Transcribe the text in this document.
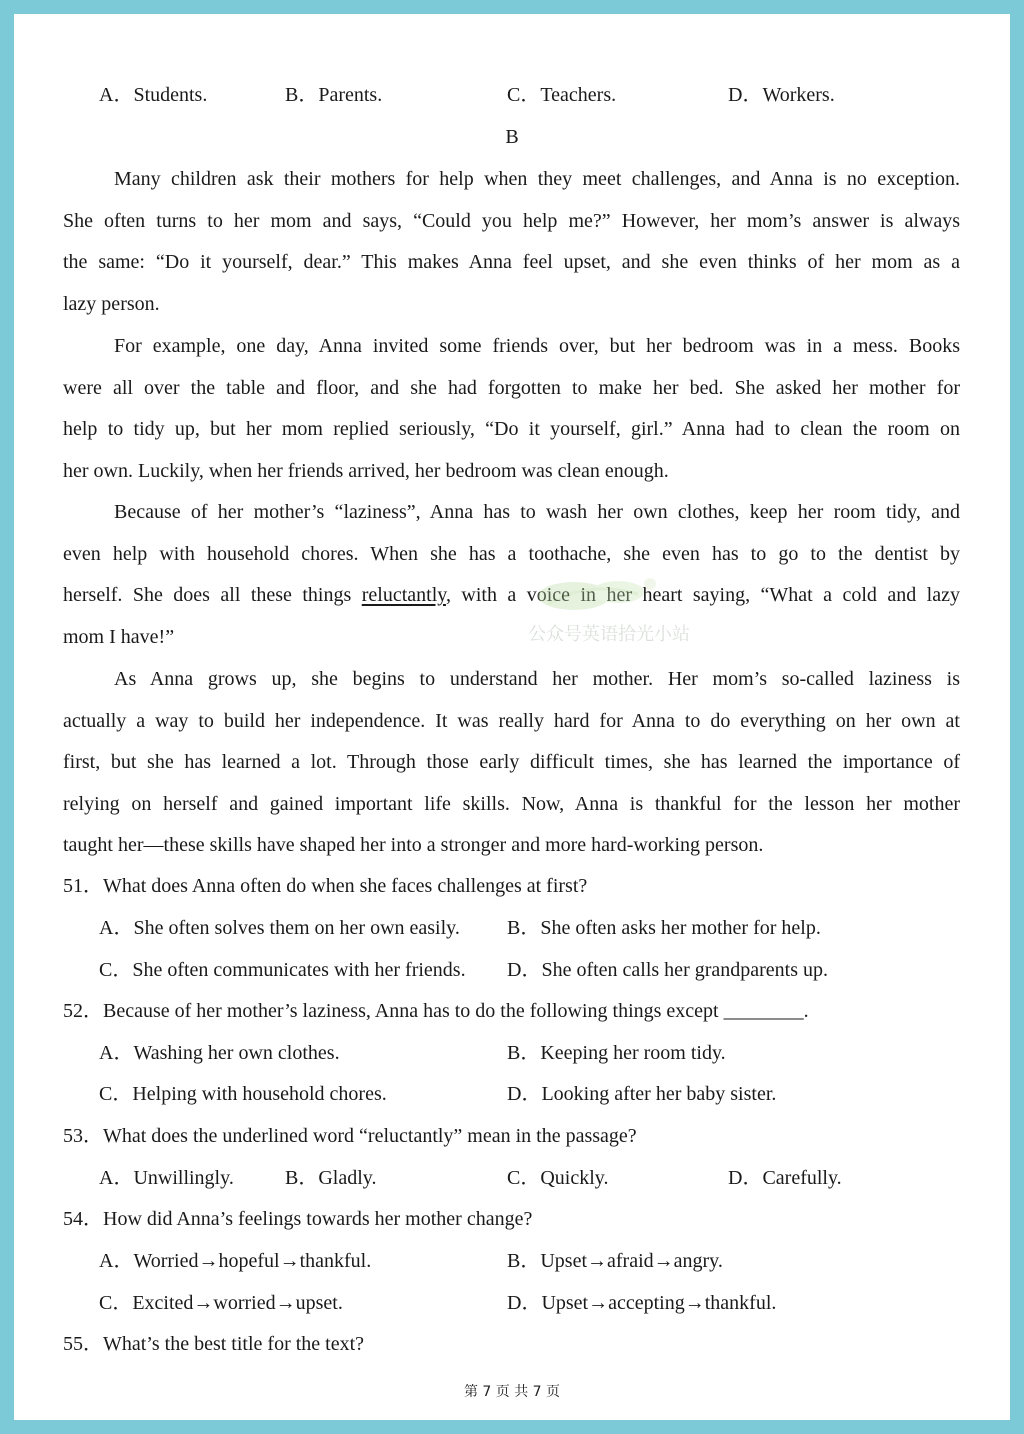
A．Students.	B．Parents.	C．Teachers.	D．Workers.
B
Many children ask their mothers for help when they meet challenges, and Anna is no exception.
She often turns to her mom and says, “Could you help me?” However, her mom’s answer is always
the same: “Do it yourself, dear.” This makes Anna feel upset, and she even thinks of her mom as a
lazy person.
For example, one day, Anna invited some friends over, but her bedroom was in a mess. Books
were all over the table and floor, and she had forgotten to make her bed. She asked her mother for
help to tidy up, but her mom replied seriously, “Do it yourself, girl.” Anna had to clean the room on
her own. Luckily, when her friends arrived, her bedroom was clean enough.
Because of her mother’s “laziness”, Anna has to wash her own clothes, keep her room tidy, and
even help with household chores. When she has a toothache, she even has to go to the dentist by
herself. She does all these things reluctantly, with a voice in her heart saying, “What a cold and lazy
mom I have!”
As Anna grows up, she begins to understand her mother. Her mom’s so-called laziness is
actually a way to build her independence. It was really hard for Anna to do everything on her own at
first, but she has learned a lot. Through those early difficult times, she has learned the importance of
relying on herself and gained important life skills. Now, Anna is thankful for the lesson her mother
taught her—these skills have shaped her into a stronger and more hard-working person.
51．What does Anna often do when she faces challenges at first?
A．She often solves them on her own easily. B．She often asks her mother for help.
C．She often communicates with her friends. D．She often calls her grandparents up.
52．Because of her mother’s laziness, Anna has to do the following things except ________.
A．Washing her own clothes.	B．Keeping her room tidy.
C．Helping with household chores.	D．Looking after her baby sister.
53．What does the underlined word “reluctantly” mean in the passage?
A．Unwillingly.	B．Gladly.	C．Quickly.	D．Carefully.
54．How did Anna’s feelings towards her mother change?
A．Worried→hopeful→thankful.	B．Upset→afraid→angry.
C．Excited→worried→upset.	D．Upset→accepting→thankful.
55．What’s the best title for the text?
第 7 页 共 7 页
公众号英语拾光小站
